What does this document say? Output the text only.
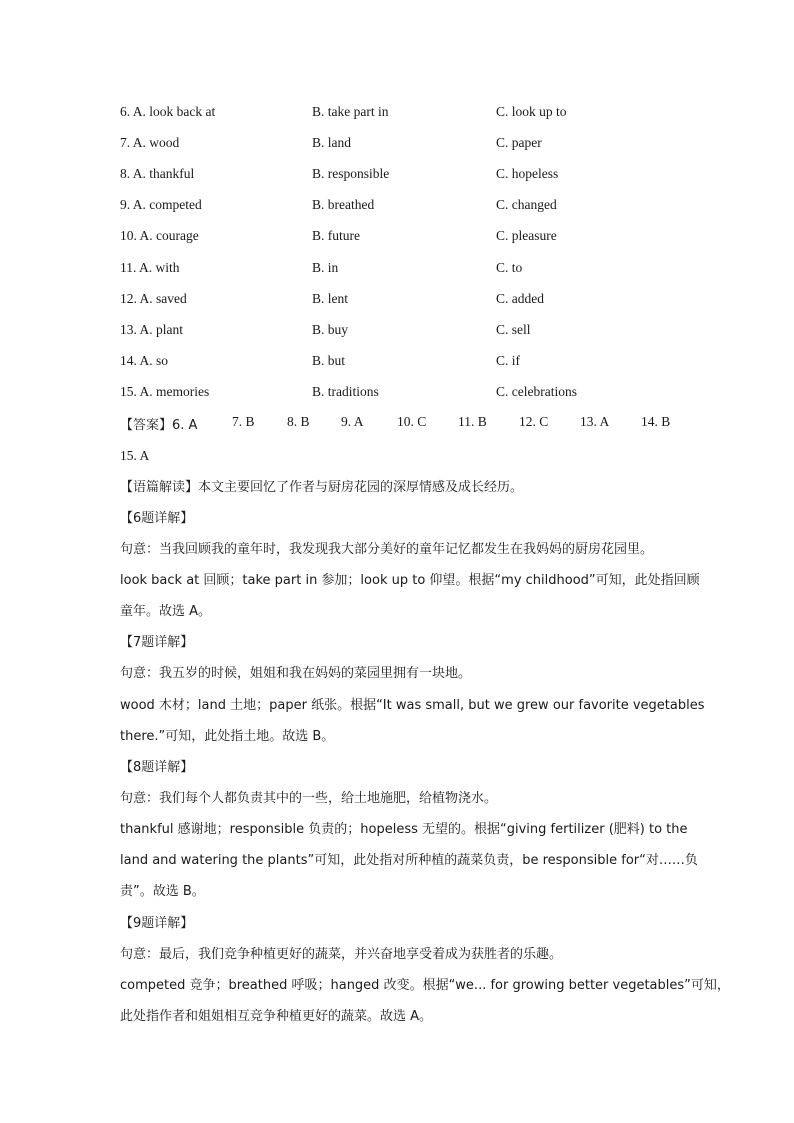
6. A. look back at	B. take part in	C. look up to
7. A. wood	B. land	C. paper
8. A. thankful	B. responsible	C. hopeless
9. A. competed	B. breathed	C. changed
10. A. courage	B. future	C. pleasure
11. A. with	B. in	C. to
12. A. saved	B. lent	C. added
13. A. plant	B. buy	C. sell
14. A. so	B. but	C. if
15. A. memories	B. traditions	C. celebrations
【答案】6. A	7. B 8. B 9. A 10. C 11. B 12. C 13. A 14. B
15. A
【语篇解读】本文主要回忆了作者与厨房花园的深厚情感及成长经历。
【6题详解】
句意：当我回顾我的童年时，我发现我大部分美好的童年记忆都发生在我妈妈的厨房花园里。
look back at 回顾；take part in 参加；look up to 仰望。根据“my childhood”可知，此处指回顾
童年。故选 A。
【7题详解】
句意：我五岁的时候，姐姐和我在妈妈的菜园里拥有一块地。
wood 木材；land 土地；paper 纸张。根据“It was small, but we grew our favorite vegetables
there.”可知，此处指土地。故选 B。
【8题详解】
句意：我们每个人都负责其中的一些，给土地施肥，给植物浇水。
thankful 感谢地；responsible 负责的；hopeless 无望的。根据“giving fertilizer (肥料) to the
land and watering the plants”可知，此处指对所种植的蔬菜负责，be responsible for“对……负
责”。故选 B。
【9题详解】
句意：最后，我们竞争种植更好的蔬菜，并兴奋地享受着成为获胜者的乐趣。
competed 竞争；breathed 呼吸；hanged 改变。根据“we... for growing better vegetables”可知，
此处指作者和姐姐相互竞争种植更好的蔬菜。故选 A。
